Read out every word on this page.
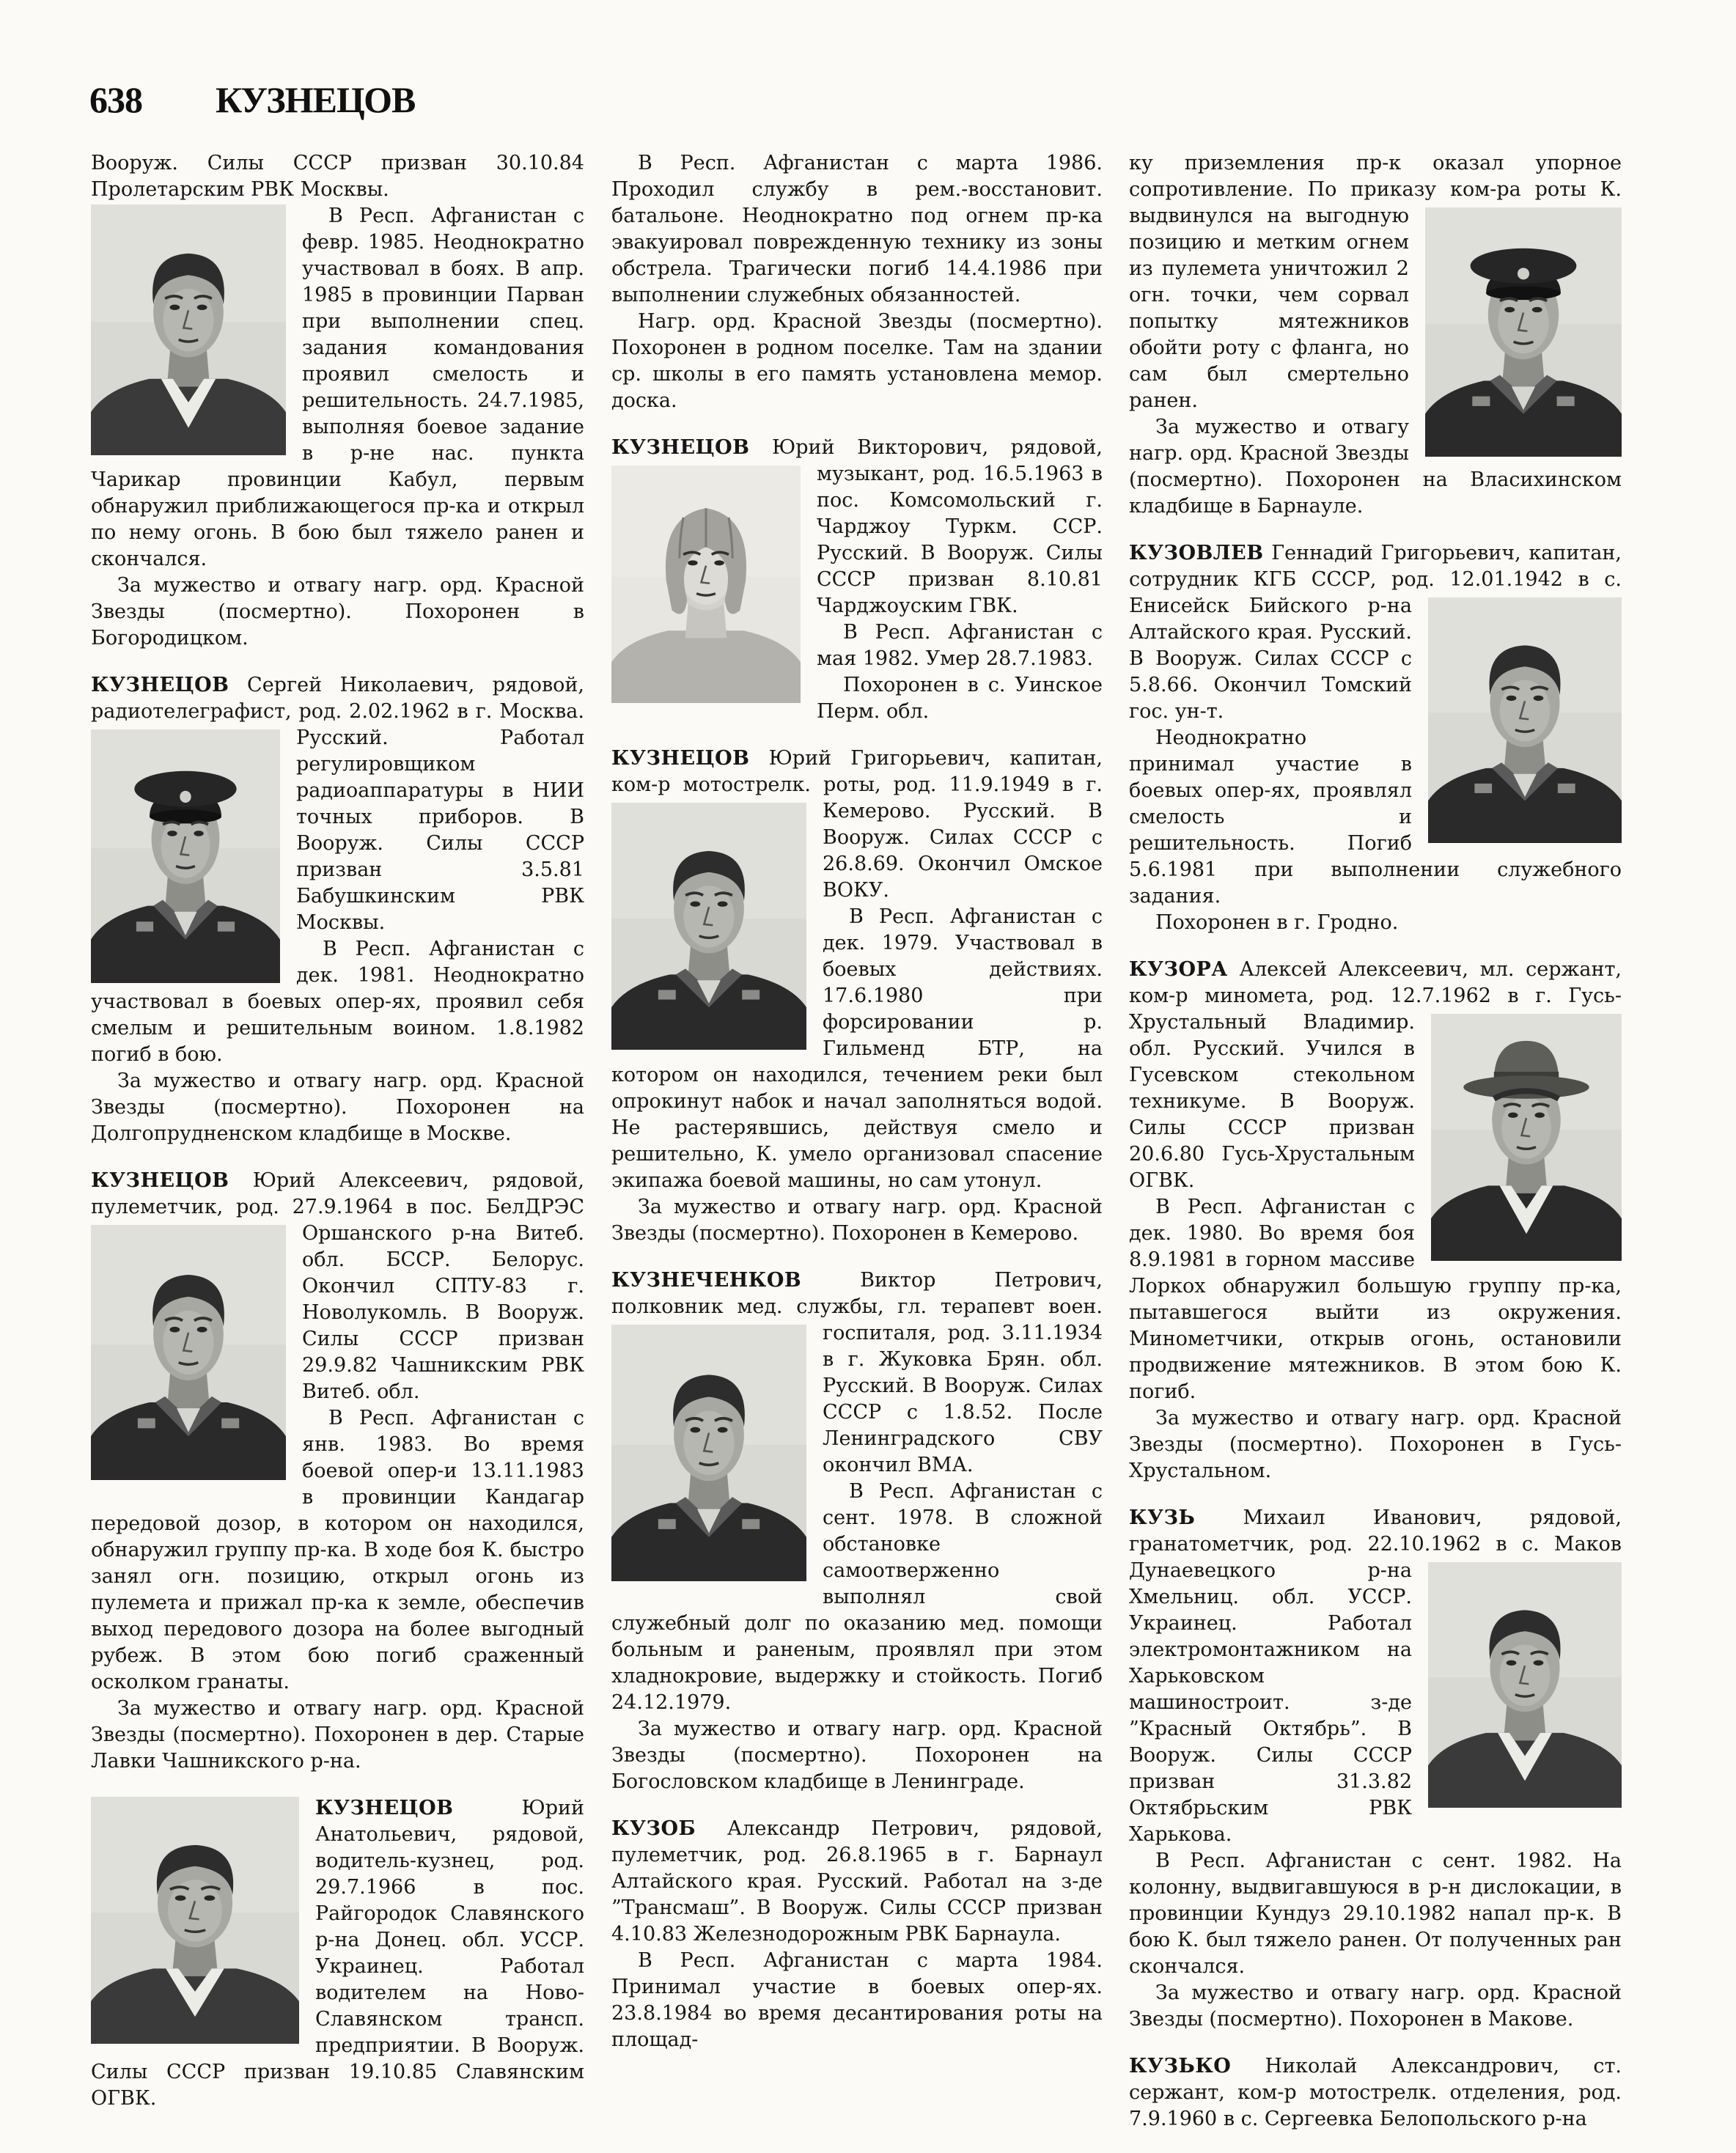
638 КУЗНЕЦОВ

Вооруж. Силы СССР призван 30.10.84 Пролетарским РВК Москвы.

В Респ. Афганистан с февр. 1985. Неоднократно участвовал в боях. В апр. 1985 в провинции Парван при выполнении спец. задания командования проявил смелость и решительность. 24.7.1985, выполняя боевое задание в р-не нас. пункта Чарикар провинции Кабул, первым обнаружил приближающегося пр-ка и открыл по нему огонь. В бою был тяжело ранен и скончался.

За мужество и отвагу нагр. орд. Красной Звезды (посмертно). Похоронен в Богородицком.

КУЗНЕЦОВ Сергей Николаевич, рядовой, радиотелеграфист, род. 2.02.1962 в г. Москва. Русский. Работал регулировщиком радиоаппаратуры в НИИ точных приборов. В Вооруж. Силы СССР призван 3.5.81 Бабушкинским РВК Москвы.

В Респ. Афганистан с дек. 1981. Неоднократно участвовал в боевых опер-ях, проявил себя смелым и решительным воином. 1.8.1982 погиб в бою.

За мужество и отвагу нагр. орд. Красной Звезды (посмертно). Похоронен на Долгопрудненском кладбище в Москве.

КУЗНЕЦОВ Юрий Алексеевич, рядовой, пулеметчик, род. 27.9.1964 в пос. БелДРЭС Оршанского р-на Витеб. обл. БССР. Белорус. Окончил СПТУ-83 г. Новолукомль. В Вооруж. Силы СССР призван 29.9.82 Чашникским РВК Витеб. обл.

В Респ. Афганистан с янв. 1983. Во время боевой опер-и 13.11.1983 в провинции Кандагар передовой дозор, в котором он находился, обнаружил группу пр-ка. В ходе боя К. быстро занял огн. позицию, открыл огонь из пулемета и прижал пр-ка к земле, обеспечив выход передового дозора на более выгодный рубеж. В этом бою погиб сраженный осколком гранаты.

За мужество и отвагу нагр. орд. Красной Звезды (посмертно). Похоронен в дер. Старые Лавки Чашникского р-на.

КУЗНЕЦОВ	Юрий Анатольевич, рядовой, водитель-кузнец, род. 29.7.1966 в пос. Райгородок Славянского р-на Донец. обл. УССР. Украинец. Работал водителем на Ново-Славянском трансп. предприятии. В Вооруж. Силы СССР призван 19.10.85 Славянским ОГВК.

В Респ. Афганистан с марта 1986. Проходил службу в рем.-восстановит. батальоне. Неоднократно под огнем пр-ка эвакуировал поврежденную технику из зоны обстрела. Трагически погиб 14.4.1986 при выполнении служебных обязанностей.

Нагр. орд. Красной Звезды (посмертно). Похоронен в родном поселке. Там на здании ср. школы в его память установлена мемор. доска.

КУЗНЕЦОВ Юрий Викторович, рядовой, музыкант, род. 16.5.1963 в пос. Комсомольский г. Чарджоу Туркм. ССР. Русский. В Вооруж. Силы СССР призван 8.10.81 Чарджоуским ГВК.

В Респ. Афганистан с мая 1982. Умер 28.7.1983.

Похоронен в с. Уинское Перм. обл.

КУЗНЕЦОВ Юрий Григорьевич, капитан, ком-р мотострелк. роты, род. 11.9.1949 в г. Кемерово. Русский. В Вооруж. Силах СССР с 26.8.69. Окончил Омское ВОКУ.

В Респ. Афганистан с дек. 1979. Участвовал в боевых действиях. 17.6.1980 при форсировании р. Гильменд БТР, на котором он находился, течением реки был опрокинут набок и начал заполняться водой. Не растерявшись, действуя смело и решительно, К. умело организовал спасение экипажа боевой машины, но сам утонул.

За мужество и отвагу нагр. орд. Красной Звезды (посмертно). Похоронен в Кемерово.

КУЗНЕЧЕНКОВ	Виктор Петрович, полковник мед. службы, гл. терапевт воен. госпиталя, род. 3.11.1934 в г. Жуковка Брян. обл. Русский. В Вооруж. Силах СССР с 1.8.52. После Ленинградского СВУ окончил ВМА.

В Респ. Афганистан с сент. 1978. В сложной обстановке самоотверженно выполнял свой служебный долг по оказанию мед. помощи больным и раненым, проявлял при этом хладнокровие, выдержку и стойкость. Погиб 24.12.1979.

За мужество и отвагу нагр. орд. Красной Звезды (посмертно). Похоронен на Богословском кладбище в Ленинграде.

КУЗОБ Александр Петрович, рядовой, пулеметчик, род. 26.8.1965 в г. Барнаул Алтайского края. Русский. Работал на з-де ”Трансмаш”. В Вооруж. Силы СССР призван 4.10.83 Железнодорожным РВК Барнаула.

В Респ. Афганистан с марта 1984. Принимал участие в боевых опер-ях. 23.8.1984 во время десантирования роты на площад-

ку приземления пр-к оказал упорное сопротивление. По приказу ком-ра роты К. выдвинулся на выгодную позицию и метким огнем из пулемета уничтожил 2 огн. точки, чем сорвал попытку мятежников обойти роту с фланга, но сам был смертельно ранен.

За мужество и отвагу нагр. орд. Красной Звезды (посмертно). Похоронен на Власихинском кладбище в Барнауле.

КУЗОВЛЕВ Геннадий Григорьевич, капитан, сотрудник КГБ СССР, род. 12.01.1942 в с. Енисейск Бийского р-на Алтайского края. Русский. В Вооруж. Силах СССР с 5.8.66. Окончил Томский гос. ун-т.

Неоднократно принимал участие в боевых опер-ях, проявлял смелость и решительность. Погиб 5.6.1981 при выполнении служебного задания.

Похоронен в г. Гродно.

КУЗОРА Алексей Алексеевич, мл. сержант, ком-р миномета, род. 12.7.1962 в г. Гусь-Хрустальный Владимир. обл. Русский. Учился в Гусевском стекольном техникуме. В Вооруж. Силы СССР призван 20.6.80 Гусь-Хрустальным ОГВК.

В Респ. Афганистан с дек. 1980. Во время боя 8.9.1981 в горном массиве Лоркох обнаружил большую группу пр-ка, пытавшегося выйти из окружения. Минометчики, открыв огонь, остановили продвижение мятежников. В этом бою К. погиб.

За мужество и отвагу нагр. орд. Красной Звезды (посмертно). Похоронен в Гусь-Хрустальном.

КУЗЬ Михаил Иванович, рядовой, гранатометчик, род. 22.10.1962 в с. Маков Дунаевецкого р-на Хмельниц. обл. УССР. Украинец. Работал электромонтажником на Харьковском машиностроит. з-де ”Красный Октябрь”. В Вооруж. Силы СССР призван 31.3.82 Октябрьским РВК Харькова.

В Респ. Афганистан с сент. 1982. На колонну, выдвигавшуюся в р-н дислокации, в провинции Кундуз 29.10.1982 напал пр-к. В бою К. был тяжело ранен. От полученных ран скончался.

За мужество и отвагу нагр. орд. Красной Звезды (посмертно). Похоронен в Макове.

КУЗЬКО Николай Александрович, ст. сержант, ком-р мотострелк. отделения, род. 7.9.1960 в с. Сергеевка Белопольского р-на
